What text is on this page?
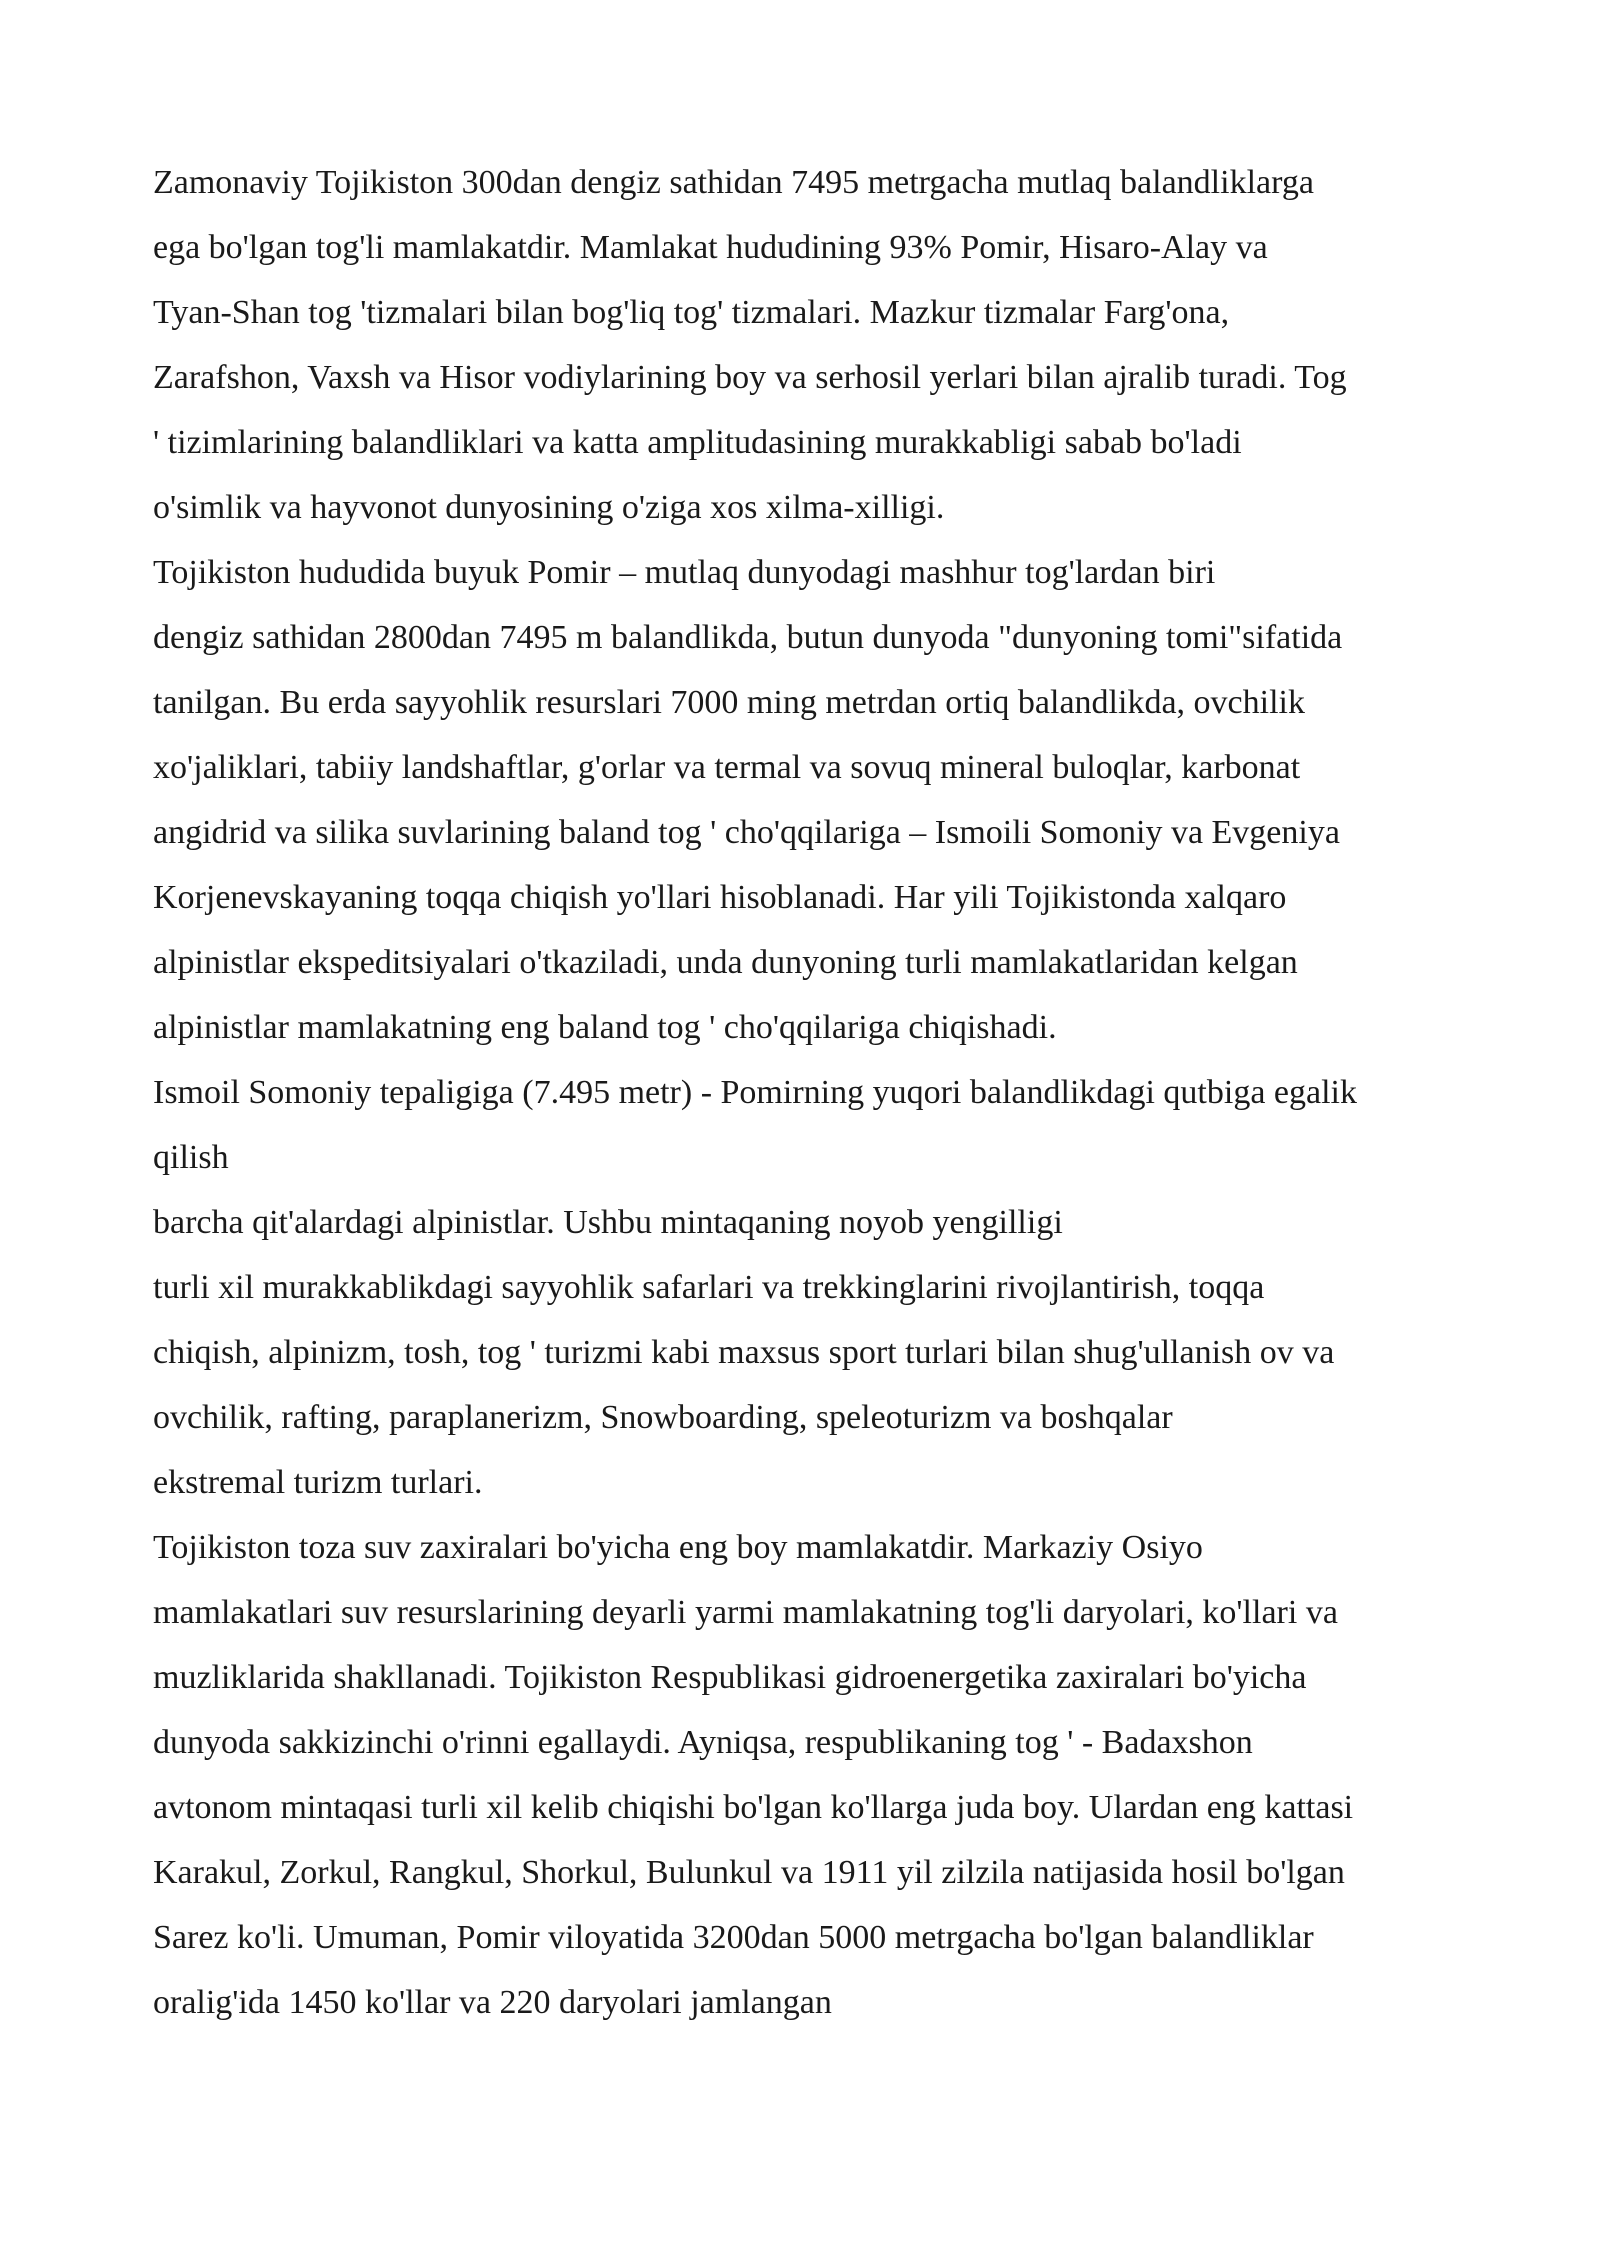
Zamonaviy Tojikiston 300dan dengiz sathidan 7495 metrgacha mutlaq balandliklarga
ega bo'lgan tog'li mamlakatdir. Mamlakat hududining 93% Pomir, Hisaro-Alay va
Tyan-Shan tog 'tizmalari bilan bog'liq tog' tizmalari. Mazkur tizmalar Farg'ona,
Zarafshon, Vaxsh va Hisor vodiylarining boy va serhosil yerlari bilan ajralib turadi. Tog
' tizimlarining balandliklari va katta amplitudasining murakkabligi sabab bo'ladi
o'simlik va hayvonot dunyosining o'ziga xos xilma-xilligi.
Tojikiston hududida buyuk Pomir – mutlaq dunyodagi mashhur tog'lardan biri
dengiz sathidan 2800dan 7495 m balandlikda, butun dunyoda "dunyoning tomi"sifatida
tanilgan. Bu erda sayyohlik resurslari 7000 ming metrdan ortiq balandlikda, ovchilik
xo'jaliklari, tabiiy landshaftlar, g'orlar va termal va sovuq mineral buloqlar, karbonat
angidrid va silika suvlarining baland tog ' cho'qqilariga – Ismoili Somoniy va Evgeniya
Korjenevskayaning toqqa chiqish yo'llari hisoblanadi. Har yili Tojikistonda xalqaro
alpinistlar ekspeditsiyalari o'tkaziladi, unda dunyoning turli mamlakatlaridan kelgan
alpinistlar mamlakatning eng baland tog ' cho'qqilariga chiqishadi.
Ismoil Somoniy tepaligiga (7.495 metr) - Pomirning yuqori balandlikdagi qutbiga egalik
qilish
barcha qit'alardagi alpinistlar. Ushbu mintaqaning noyob yengilligi
turli xil murakkablikdagi sayyohlik safarlari va trekkinglarini rivojlantirish, toqqa
chiqish, alpinizm, tosh, tog ' turizmi kabi maxsus sport turlari bilan shug'ullanish ov va
ovchilik, rafting, paraplanerizm, Snowboarding, speleoturizm va boshqalar
ekstremal turizm turlari.
Tojikiston toza suv zaxiralari bo'yicha eng boy mamlakatdir. Markaziy Osiyo
mamlakatlari suv resurslarining deyarli yarmi mamlakatning tog'li daryolari, ko'llari va
muzliklarida shakllanadi. Tojikiston Respublikasi gidroenergetika zaxiralari bo'yicha
dunyoda sakkizinchi o'rinni egallaydi. Ayniqsa, respublikaning tog ' - Badaxshon
avtonom mintaqasi turli xil kelib chiqishi bo'lgan ko'llarga juda boy. Ulardan eng kattasi
Karakul, Zorkul, Rangkul, Shorkul, Bulunkul va 1911 yil zilzila natijasida hosil bo'lgan
Sarez ko'li. Umuman, Pomir viloyatida 3200dan 5000 metrgacha bo'lgan balandliklar
oralig'ida 1450 ko'llar va 220 daryolari jamlangan
